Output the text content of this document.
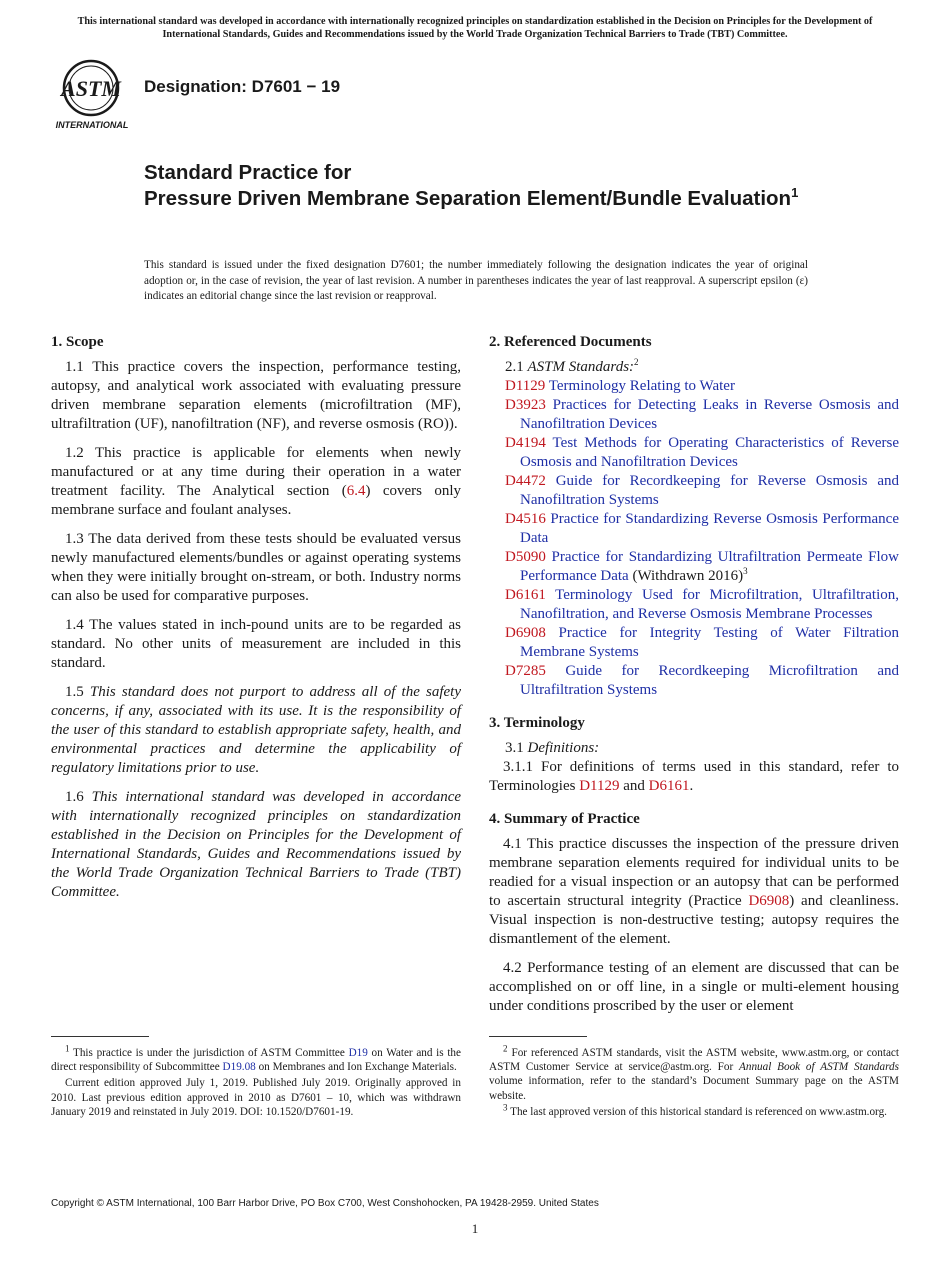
This international standard was developed in accordance with internationally recognized principles on standardization established in the Decision on Principles for the Development of International Standards, Guides and Recommendations issued by the World Trade Organization Technical Barriers to Trade (TBT) Committee.
ASTM
INTERNATIONAL
Designation: D7601 − 19
Standard Practice for
Pressure Driven Membrane Separation Element/Bundle Evaluation$^1$
This standard is issued under the fixed designation D7601; the number immediately following the designation indicates the year of original adoption or, in the case of revision, the year of last revision. A number in parentheses indicates the year of last reapproval. A superscript epsilon (ε) indicates an editorial change since the last revision or reapproval.
1. Scope

1.1 This practice covers the inspection, performance testing, autopsy, and analytical work associated with evaluating pressure driven membrane separation elements (microfiltration (MF), ultrafiltration (UF), nanofiltration (NF), and reverse osmosis (RO)).

1.2 This practice is applicable for elements when newly manufactured or at any time during their operation in a water treatment facility. The Analytical section (6.4) covers only membrane surface and foulant analyses.

1.3 The data derived from these tests should be evaluated versus newly manufactured elements/bundles or against operating systems when they were initially brought on-stream, or both. Industry norms can also be used for comparative purposes.

1.4 The values stated in inch-pound units are to be regarded as standard. No other units of measurement are included in this standard.

1.5 This standard does not purport to address all of the safety concerns, if any, associated with its use. It is the responsibility of the user of this standard to establish appropriate safety, health, and environmental practices and determine the applicability of regulatory limitations prior to use.

1.6 This international standard was developed in accordance with internationally recognized principles on standardization established in the Decision on Principles for the Development of International Standards, Guides and Recommendations issued by the World Trade Organization Technical Barriers to Trade (TBT) Committee.

2. Referenced Documents

2.1 ASTM Standards:$^2$

D1129 Terminology Relating to Water

D3923 Practices for Detecting Leaks in Reverse Osmosis and Nanofiltration Devices

D4194 Test Methods for Operating Characteristics of Reverse Osmosis and Nanofiltration Devices

D4472 Guide for Recordkeeping for Reverse Osmosis and Nanofiltration Systems

D4516 Practice for Standardizing Reverse Osmosis Performance Data

D5090 Practice for Standardizing Ultrafiltration Permeate Flow Performance Data (Withdrawn 2016)$^3$

D6161 Terminology Used for Microfiltration, Ultrafiltration, Nanofiltration, and Reverse Osmosis Membrane Processes

D6908 Practice for Integrity Testing of Water Filtration Membrane Systems

D7285 Guide for Recordkeeping Microfiltration and Ultrafiltration Systems

3. Terminology

3.1 Definitions:

3.1.1 For definitions of terms used in this standard, refer to Terminologies D1129 and D6161.

4. Summary of Practice

4.1 This practice discusses the inspection of the pressure driven membrane separation elements required for individual units to be readied for a visual inspection or an autopsy that can be performed to ascertain structural integrity (Practice D6908) and cleanliness. Visual inspection is non-destructive testing; autopsy requires the dismantlement of the element.

4.2 Performance testing of an element are discussed that can be accomplished on or off line, in a single or multi-element housing under conditions proscribed by the user or element

$^1$ This practice is under the jurisdiction of ASTM Committee D19 on Water and is the direct responsibility of Subcommittee D19.08 on Membranes and Ion Exchange Materials.

Current edition approved July 1, 2019. Published July 2019. Originally approved in 2010. Last previous edition approved in 2010 as D7601 – 10, which was withdrawn January 2019 and reinstated in July 2019. DOI: 10.1520/D7601-19.

$^2$ For referenced ASTM standards, visit the ASTM website, www.astm.org, or contact ASTM Customer Service at service@astm.org. For Annual Book of ASTM Standards volume information, refer to the standard’s Document Summary page on the ASTM website.

$^3$ The last approved version of this historical standard is referenced on www.astm.org.

Copyright © ASTM International, 100 Barr Harbor Drive, PO Box C700, West Conshohocken, PA 19428-2959. United States
1
